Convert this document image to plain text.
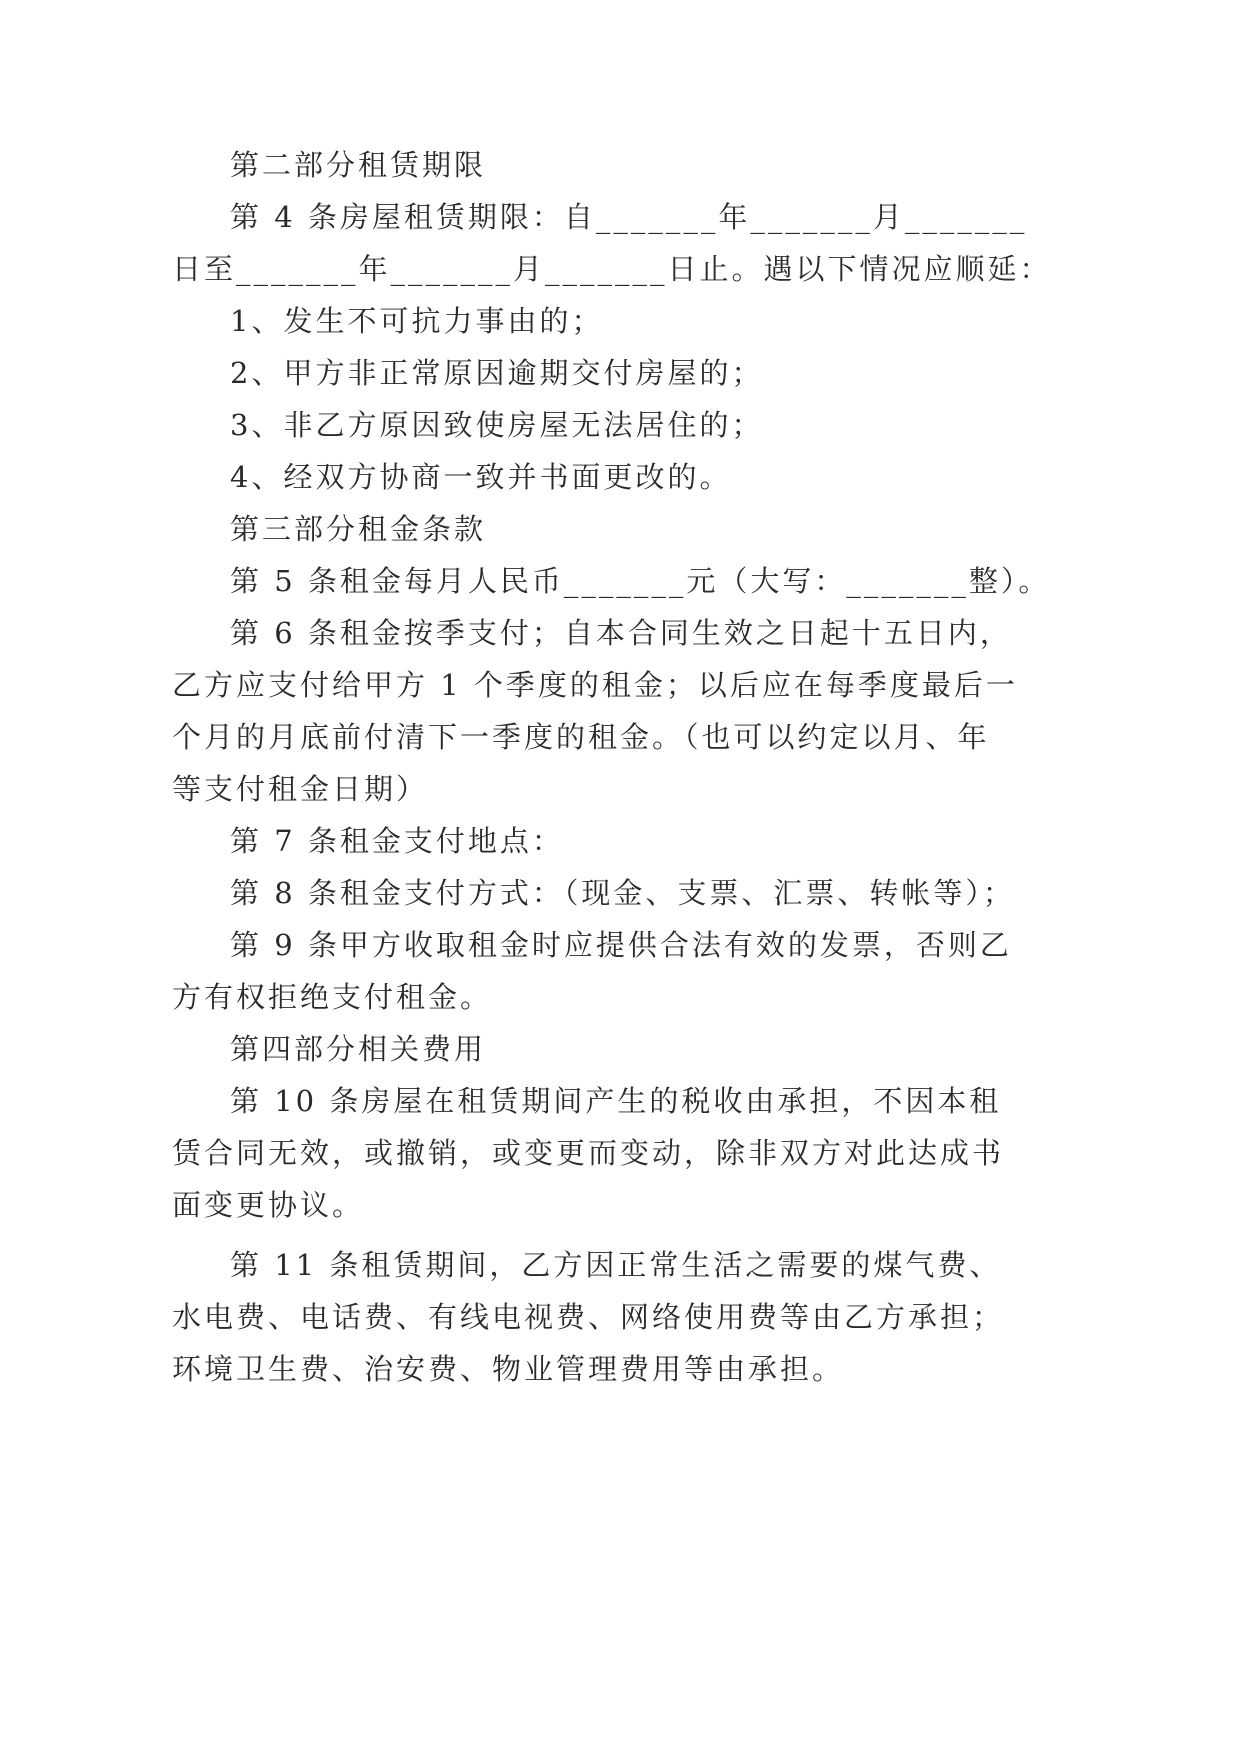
第二部分租赁期限

第 4 条房屋租赁期限：自_______年_______月_______

日至_______年_______月_______日止。遇以下情况应顺延：

1、发生不可抗力事由的；

2、甲方非正常原因逾期交付房屋的；

3、非乙方原因致使房屋无法居住的；

4、经双方协商一致并书面更改的。

第三部分租金条款

第 5 条租金每月人民币_______元（大写：_______整）。

第 6 条租金按季支付；自本合同生效之日起十五日内，

乙方应支付给甲方 1 个季度的租金；以后应在每季度最后一

个月的月底前付清下一季度的租金。（也可以约定以月、年

等支付租金日期）

第 7 条租金支付地点：

第 8 条租金支付方式：（现金、支票、汇票、转帐等）；

第 9 条甲方收取租金时应提供合法有效的发票，否则乙

方有权拒绝支付租金。

第四部分相关费用

第 10 条房屋在租赁期间产生的税收由承担，不因本租

赁合同无效，或撤销，或变更而变动，除非双方对此达成书

面变更协议。

第 11 条租赁期间，乙方因正常生活之需要的煤气费、

水电费、电话费、有线电视费、网络使用费等由乙方承担；

环境卫生费、治安费、物业管理费用等由承担。
